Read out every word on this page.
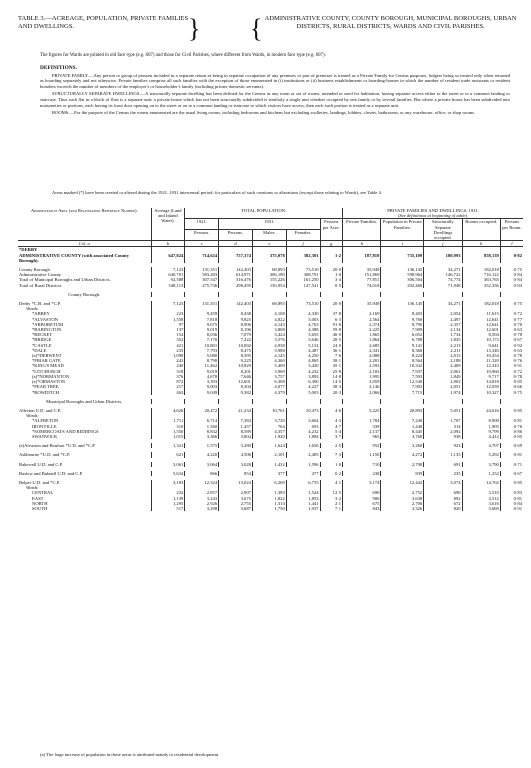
TABLE 3.—ACREAGE, POPULATION, PRIVATE FAMILIES AND DWELLINGS.	} { ADMINISTRATIVE COUNTY, COUNTY BOROUGH, MUNICIPAL BOROUGHS, URBAN DISTRICTS, RURAL DISTRICTS, WARDS AND CIVIL PARISHES.
The figures for Wards are printed in old face type (e.g. 607) and those for Civil Parishes, where different from Wards, in modern face type (e.g. 607).
DEFINITIONS.
PRIVATE FAMILY.—Any person or group of persons included in a separate return as being in separate occupation of any premises or part of premises is treated as a Private Family for Census purposes, lodgers being so treated only when returned as boarding separately and not otherwise. Private families comprise all such families with the exception of those enumerated in (i) institutions or (ii) business establishments or boarding-houses in which the number of resident trade assistants or resident boarders exceeds the number of members of the employer's or householder's family (including private domestic servants).
STRUCTURALLY SEPARATE DWELLINGS.—A structurally separate dwelling has been defined for the Census as any room or set of rooms, intended or used for habitation, having separate access either to the street or to a common landing or staircase. Thus such flat in a block of flats is a separate unit; a private house which has not been structurally subdivided is similarly a single unit whether occupied by one family or by several families. But where a private house has been subdivided into maisonettes or portions, each having its front door opening on to the street or on to a common landing or staircase to which visitors have access, then each such portion is treated as a separate unit.
ROOMS.—For the purpose of the Census the rooms enumerated are the usual living rooms, including bedrooms and kitchens but excluding sculleries, landings, lobbies, closets, bathrooms, or any warehouse, office, or shop rooms.
Areas marked (*) have been created or altered during the 1921–1931 intercensal period; for particulars of such creations or alterations (except those relating to Wards), see Table 4.
Administrative Area (and Registration Reference Number).	Acreage (Land and Inland Water).	TOTAL POPULATION.					PRIVATE FAMILIES AND DWELLINGS, 1931.
(See definitions at beginning of table).				

		1921.	1931.			Persons per Acre.	Private Families.	Population in Private Families.	Structurally Separate Dwellings occupied.	Rooms occupied.	Persons per Room.
		Persons.	Persons.	Males.	Females.						
Col. a	b	c	d	e	f	g	h	i	j	k	l
*DERBY											
ADMINISTRATIVE COUNTY (with associated County Borough).	647,824	714,624	757,374	375,078	382,301	1·2	187,818	735,109	180,993	858,139	0·82

County Borough	7,123	131,351	142,403	68,893	73,510	20·0	35,949	136,145	34,271	182,018	0·75
Administrative County	640,701	583,283	614,971	306,180	308,791	1·0	151,869	598,964	146,722	716,122	0·84
Total of Municipal Boroughs and Urban Districts.	92,588	307,547	316,476	155,226	161,250	3·4	77,851	306,504	74,774	363,765	0·84
Total of Rural Districts	548,113	275,736	298,495	150,954	147,541	0·5	74,018	292,460	71,948	352,356	0·83

County Borough.											

Derby *C.B. and *C.P.	7,123	131,351	142,403	68,893	73,510	20·0	35,949	136,145	34,271	182,018	0·75
Wards:											
*ABBEY	223	9,459	8,438	4,108	4,330	37·8	2,169	8,403	2,054	11,615	0·72
*ALVASTON	1,558	7,818	9,825	4,822	5,003	6·3	2,564	9,760	2,497	12,641	0·77
*ARBORETUM	97	9,675	8,906	4,143	4,763	91·8	2,374	8,790	2,357	12,641	0·70
*BABINGTON	137	9,019	8,196	3,808	4,388	59·8	2,225	7,909	2,134	12,601	0·63
*BECKET	154	8,036	7,079	3,424	3,655	46·0	1,865	6,652	1,734	8,504	0·78
*BRIDGE	352	7,170	7,222	3,576	3,646	20·5	1,864	6,788	1,835	10,173	0·67
*CASTLE	421	10,801	10,092	4,938	5,154	24·0	2,685	9,141	2,213	9,641	0·92
*DALE	235	7,793	8,475	3,988	4,487	36·1	2,341	8,368	2,211	13,340	0·63
(a)*DERWENT	1,098	5,080	8,395	4,145	4,250	7·6	2,088	8,224	2,013	10,454	0·78
*FRIAR GATE	242	8,790	9,225	4,360	4,865	38·1	2,281	8,564	2,188	11,320	0·76
*KING'S MEAD	240	11,462	10,829	5,409	5,420	45·1	2,593	10,332	2,409	12,343	0·91
*LITCHURCH	318	9,019	8,201	3,969	4,232	25·8	2,183	7,937	2,061	10,960	0·72
(a)*NORMANTON	376	4,678	7,646	3,757	3,892	14·8	1,995	7,593	1,849	9,717	0·78
(a)*ORMASTON	872	3,393	12,601	6,308	6,300	14·5	3,059	12,540	2,902	14,818	0·85
*PEAR TREE	217	9,003	8,304	4,077	4,227	38·3	2,146	7,903	2,051	12,039	0·66
*ROWDITCH	463	9,049	9,382	4,379	5,003	20·3	2,066	7,715	1,974	10,327	0·75

Municipal Boroughs and Urban Districts.											

Alfreton U.D. and C.P.	4,626	20,472	21,234	10,761	10,473	4·6	5,225	20,893	5,051	24,616	0·85
Wards:											
*ALFRETON	1,711	6,714	7,384	3,720	3,664	4·3	1,784	7,240	1,707	8,900	0·81
IRONVILLE	310	1,560	1,457	764	693	4·7	339	1,440	314	1,905	0·76
*SOMERCOATS AND RIDDINGS	1,550	8,832	8,589	4,357	4,232	5·4	2,137	8,445	2,092	9,799	0·86
SWANWICK	1,015	3,366	3,804	1,920	1,884	3·7	965	3,768	938	4,412	0·85

(a)Alvaston and Boulton *U.D. and *C.P.	1,321	1,575	3,280	1,624	1,656	2·5	952	3,260	923	4,707	0·69

Ashbourne *U.D. and *C.P.	621	4,220	4,506	2,101	2,405	7·3	1,156	4,272	1,135	5,292	0·81

Bakewell U.D. and C.P.	3,061	3,064	3,028	1,432	1,596	1·0	710	2,708	691	3,790	0·71

Baslow and Bubnell U.D. and C.P.	5,634	866	854	377	477	0·2	238	839	235	1,252	0·67

Belper U.D. and *C.P.	3,183	12,324	13,024	6,269	6,755	4·1	3,174	12,442	3,074	14,702	0·85
Wards:											
CENTRAL	232	2,857	2,907	1,383	1,524	12·5	690	2,752	690	3,510	0·83
EAST	1,139	3,243	3,675	1,822	1,853	3·2	906	3,638	892	4,512	0·81
NORTH	1,295	2,926	2,755	1,314	1,441	2·1	675	2,706	672	3,616	0·84
SOUTH	517	3,298	3,687	1,750	1,937	7·1	843	3,326	820	3,669	0·91
(a) The large increase of population in these areas is attributed mainly to residential development.
